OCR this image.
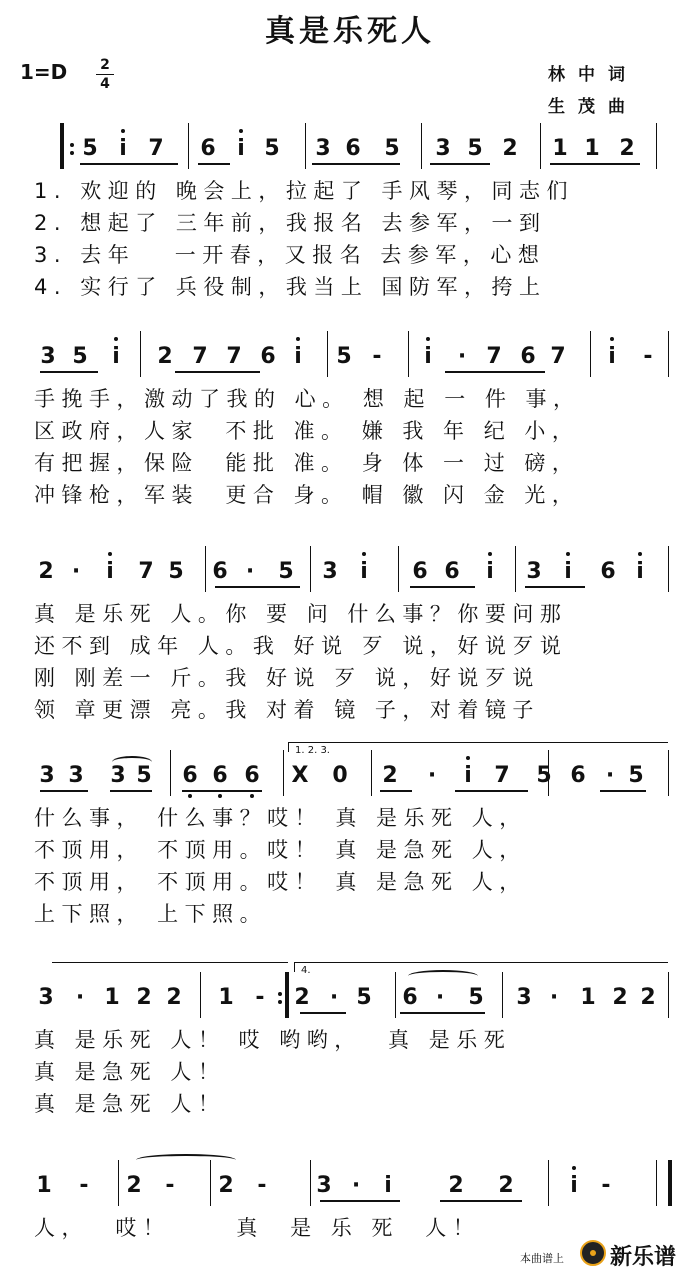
真是乐死人
1=D 2
4	林中词
生茂曲
5 i 7 6 i 5 3 6 5 3 5 2 1 1 2
1. 欢迎的 晚会上，拉起了 手风琴，同志们
2. 想起了 三年前，我报名 去参军，一到
3. 去年   一开春，又报名 去参军，心想
4. 实行了 兵役制，我当上 国防军，挎上
3 5	i	2 7 7 6 i	5 -	i	· 7 6 7	i	-
手挽手，激动了我的 心。 想 起 一 件 事，
区政府，人家  不批 准。 嫌 我 年 纪 小，
有把握，保险  能批 准。 身 体 一 过 磅，
冲锋枪，军装  更合 身。 帽 徽 闪 金 光，
2 ·	i	7 5 6 ·	5 3	i	6 6	i	3	i	6 i
真 是乐死 人。你 要 问 什么事？你要问那
还不到 成年 人。我 好说 歹 说，好说歹说
刚 刚差一 斤。我 好说 歹 说，好说歹说
领 章更漂 亮。我 对着 镜 子，对着镜子
3 3 3 5 6 6 6 X 0 2	·	i	7 5 6 · 5
什么事， 什么事？哎！ 真 是乐死 人，
不顶用， 不顶用。哎！ 真 是急死 人，
不顶用， 不顶用。哎！ 真 是急死 人，
上下照， 上下照。
3	· 1 2 2 1 - 2 · 5 6 ·	5 3 ·	1 2 2
真 是乐死 人！ 哎 哟哟，  真 是乐死
真 是急死 人！
真 是急死 人！
1 - 2 - 2 - 3 ·	i	2 2	i	-
人，  哎！     真  是 乐 死  人！
1. 2. 3.
4.
本曲谱上 新乐谱
